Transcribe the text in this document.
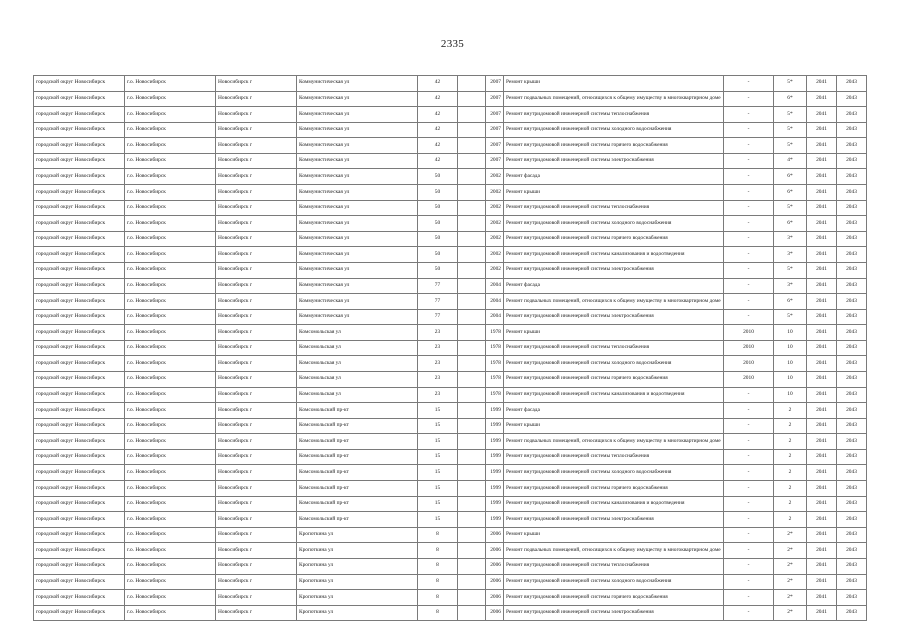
2335
городской округ Новосибирск	г.о. Новосибирск	Новосибирск г	Коммунистическая ул	42		2007	Ремонт крыши	-	5*	2041	2043
городской округ Новосибирск	г.о. Новосибирск	Новосибирск г	Коммунистическая ул	42		2007	Ремонт подвальных помещений, относящихся к общему имуществу в многоквартирном доме	-	6*	2041	2043
городской округ Новосибирск	г.о. Новосибирск	Новосибирск г	Коммунистическая ул	42		2007	Ремонт внутридомовой инженерной системы теплоснабжения	-	5*	2041	2043
городской округ Новосибирск	г.о. Новосибирск	Новосибирск г	Коммунистическая ул	42		2007	Ремонт внутридомовой инженерной системы холодного водоснабжения	-	5*	2041	2043
городской округ Новосибирск	г.о. Новосибирск	Новосибирск г	Коммунистическая ул	42		2007	Ремонт внутридомовой инженерной системы горячего водоснабжения	-	5*	2041	2043
городской округ Новосибирск	г.о. Новосибирск	Новосибирск г	Коммунистическая ул	42		2007	Ремонт внутридомовой инженерной системы электроснабжения	-	4*	2041	2043
городской округ Новосибирск	г.о. Новосибирск	Новосибирск г	Коммунистическая ул	50		2002	Ремонт фасада	-	6*	2041	2043
городской округ Новосибирск	г.о. Новосибирск	Новосибирск г	Коммунистическая ул	50		2002	Ремонт крыши	-	6*	2041	2043
городской округ Новосибирск	г.о. Новосибирск	Новосибирск г	Коммунистическая ул	50		2002	Ремонт внутридомовой инженерной системы теплоснабжения	-	5*	2041	2043
городской округ Новосибирск	г.о. Новосибирск	Новосибирск г	Коммунистическая ул	50		2002	Ремонт внутридомовой инженерной системы холодного водоснабжения	-	6*	2041	2043
городской округ Новосибирск	г.о. Новосибирск	Новосибирск г	Коммунистическая ул	50		2002	Ремонт внутридомовой инженерной системы горячего водоснабжения	-	3*	2041	2043
городской округ Новосибирск	г.о. Новосибирск	Новосибирск г	Коммунистическая ул	50		2002	Ремонт внутридомовой инженерной системы канализования и водоотведения	-	3*	2041	2043
городской округ Новосибирск	г.о. Новосибирск	Новосибирск г	Коммунистическая ул	50		2002	Ремонт внутридомовой инженерной системы электроснабжения	-	5*	2041	2043
городской округ Новосибирск	г.о. Новосибирск	Новосибирск г	Коммунистическая ул	77		2004	Ремонт фасада	-	3*	2041	2043
городской округ Новосибирск	г.о. Новосибирск	Новосибирск г	Коммунистическая ул	77		2004	Ремонт подвальных помещений, относящихся к общему имуществу в многоквартирном доме	-	6*	2041	2043
городской округ Новосибирск	г.о. Новосибирск	Новосибирск г	Коммунистическая ул	77		2004	Ремонт внутридомовой инженерной системы электроснабжения	-	5*	2041	2043
городской округ Новосибирск	г.о. Новосибирск	Новосибирск г	Комсомольская ул	23		1978	Ремонт крыши	2010	10	2041	2043
городской округ Новосибирск	г.о. Новосибирск	Новосибирск г	Комсомольская ул	23		1978	Ремонт внутридомовой инженерной системы теплоснабжения	2010	10	2041	2043
городской округ Новосибирск	г.о. Новосибирск	Новосибирск г	Комсомольская ул	23		1978	Ремонт внутридомовой инженерной системы холодного водоснабжения	2010	10	2041	2043
городской округ Новосибирск	г.о. Новосибирск	Новосибирск г	Комсомольская ул	23		1978	Ремонт внутридомовой инженерной системы горячего водоснабжения	2010	10	2041	2043
городской округ Новосибирск	г.о. Новосибирск	Новосибирск г	Комсомольская ул	23		1978	Ремонт внутридомовой инженерной системы канализования и водоотведения	-	10	2041	2043
городской округ Новосибирск	г.о. Новосибирск	Новосибирск г	Комсомольский пр-кт	15		1999	Ремонт фасада	-	2	2041	2043
городской округ Новосибирск	г.о. Новосибирск	Новосибирск г	Комсомольский пр-кт	15		1999	Ремонт крыши	-	2	2041	2043
городской округ Новосибирск	г.о. Новосибирск	Новосибирск г	Комсомольский пр-кт	15		1999	Ремонт подвальных помещений, относящихся к общему имуществу в многоквартирном доме	-	2	2041	2043
городской округ Новосибирск	г.о. Новосибирск	Новосибирск г	Комсомольский пр-кт	15		1999	Ремонт внутридомовой инженерной системы теплоснабжения	-	2	2041	2043
городской округ Новосибирск	г.о. Новосибирск	Новосибирск г	Комсомольский пр-кт	15		1999	Ремонт внутридомовой инженерной системы холодного водоснабжения	-	2	2041	2043
городской округ Новосибирск	г.о. Новосибирск	Новосибирск г	Комсомольский пр-кт	15		1999	Ремонт внутридомовой инженерной системы горячего водоснабжения	-	2	2041	2043
городской округ Новосибирск	г.о. Новосибирск	Новосибирск г	Комсомольский пр-кт	15		1999	Ремонт внутридомовой инженерной системы канализования и водоотведения	-	2	2041	2043
городской округ Новосибирск	г.о. Новосибирск	Новосибирск г	Комсомольский пр-кт	15		1999	Ремонт внутридомовой инженерной системы электроснабжения	-	2	2041	2043
городской округ Новосибирск	г.о. Новосибирск	Новосибирск г	Кропоткина ул	8		2006	Ремонт крыши	-	2*	2041	2043
городской округ Новосибирск	г.о. Новосибирск	Новосибирск г	Кропоткина ул	8		2006	Ремонт подвальных помещений, относящихся к общему имуществу в многоквартирном доме	-	2*	2041	2043
городской округ Новосибирск	г.о. Новосибирск	Новосибирск г	Кропоткина ул	8		2006	Ремонт внутридомовой инженерной системы теплоснабжения	-	2*	2041	2043
городской округ Новосибирск	г.о. Новосибирск	Новосибирск г	Кропоткина ул	8		2006	Ремонт внутридомовой инженерной системы холодного водоснабжения	-	2*	2041	2043
городской округ Новосибирск	г.о. Новосибирск	Новосибирск г	Кропоткина ул	8		2006	Ремонт внутридомовой инженерной системы горячего водоснабжения	-	2*	2041	2043
городской округ Новосибирск	г.о. Новосибирск	Новосибирск г	Кропоткина ул	8		2006	Ремонт внутридомовой инженерной системы электроснабжения	-	2*	2041	2043
